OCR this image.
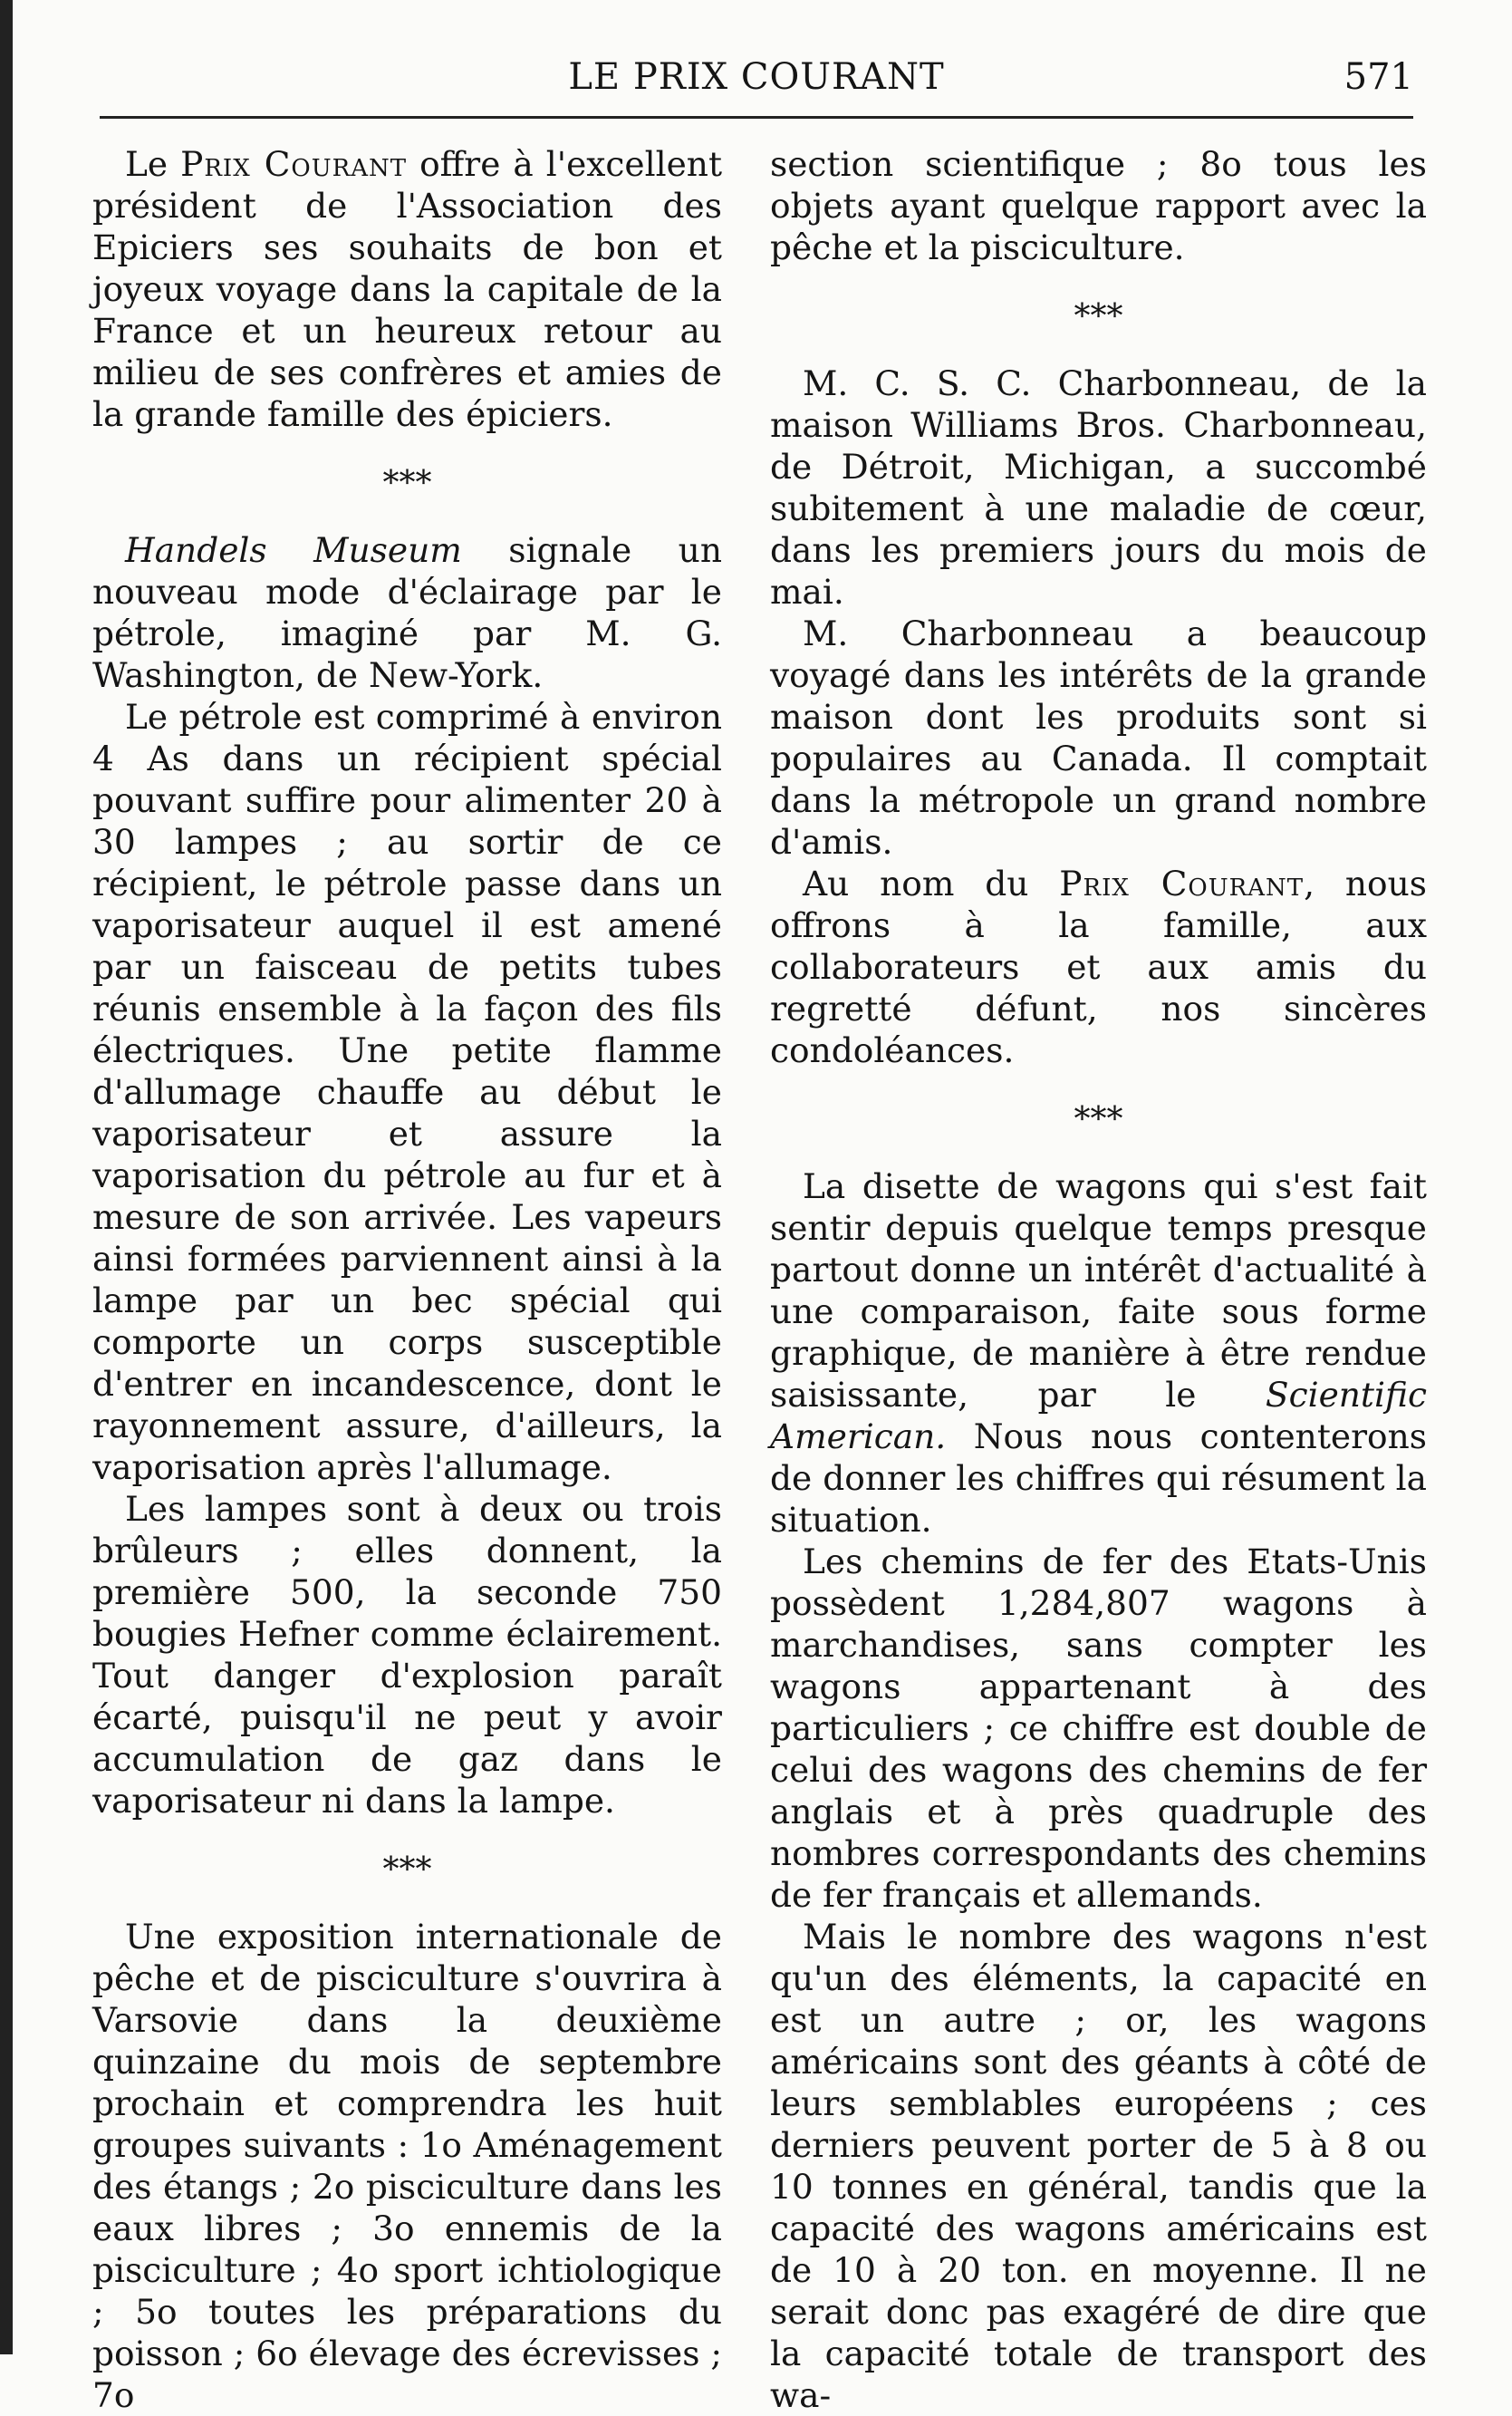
LE PRIX COURANT	571

Le Prix Courant offre à l'excellent président de l'Association des Epiciers ses souhaits de bon et joyeux voyage dans la capitale de la France et un heureux retour au milieu de ses confrères et amies de la grande famille des épiciers.

***

Handels Museum signale un nouveau mode d'éclairage par le pétrole, imaginé par M. G. Washington, de New-York.

Le pétrole est comprimé à environ 4 As dans un récipient spécial pouvant suffire pour alimenter 20 à 30 lampes ; au sortir de ce récipient, le pétrole passe dans un vaporisateur auquel il est amené par un faisceau de petits tubes réunis ensemble à la façon des fils électriques. Une petite flamme d'allumage chauffe au début le vaporisateur et assure la vaporisation du pétrole au fur et à mesure de son arrivée. Les vapeurs ainsi formées parviennent ainsi à la lampe par un bec spécial qui comporte un corps susceptible d'entrer en incandescence, dont le rayonnement assure, d'ailleurs, la vaporisation après l'allumage.

Les lampes sont à deux ou trois brûleurs ; elles donnent, la première 500, la seconde 750 bougies Hefner comme éclairement. Tout danger d'explosion paraît écarté, puisqu'il ne peut y avoir accumulation de gaz dans le vaporisateur ni dans la lampe.

***

Une exposition internationale de pêche et de pisciculture s'ouvrira à Varsovie dans la deuxième quinzaine du mois de septembre prochain et comprendra les huit groupes suivants : 1o Aménagement des étangs ; 2o pisciculture dans les eaux libres ; 3o ennemis de la pisciculture ; 4o sport ichtiologique ; 5o toutes les préparations du poisson ; 6o élevage des écrevisses ; 7o

section scientifique ; 8o tous les objets ayant quelque rapport avec la pêche et la pisciculture.

***

M. C. S. C. Charbonneau, de la maison Williams Bros. Charbonneau, de Détroit, Michigan, a succombé subitement à une maladie de cœur, dans les premiers jours du mois de mai.

M. Charbonneau a beaucoup voyagé dans les intérêts de la grande maison dont les produits sont si populaires au Canada. Il comptait dans la métropole un grand nombre d'amis.

Au nom du Prix Courant, nous offrons à la famille, aux collaborateurs et aux amis du regretté défunt, nos sincères condoléances.

***

La disette de wagons qui s'est fait sentir depuis quelque temps presque partout donne un intérêt d'actualité à une comparaison, faite sous forme graphique, de manière à être rendue saisissante, par le Scientific American. Nous nous contenterons de donner les chiffres qui résument la situation.

Les chemins de fer des Etats-Unis possèdent 1,284,807 wagons à marchandises, sans compter les wagons appartenant à des particuliers ; ce chiffre est double de celui des wagons des chemins de fer anglais et à près quadruple des nombres correspondants des chemins de fer français et allemands.

Mais le nombre des wagons n'est qu'un des éléments, la capacité en est un autre ; or, les wagons américains sont des géants à côté de leurs semblables européens ; ces derniers peuvent porter de 5 à 8 ou 10 tonnes en général, tandis que la capacité des wagons américains est de 10 à 20 ton. en moyenne. Il ne serait donc pas exagéré de dire que la capacité totale de transport des wa-
